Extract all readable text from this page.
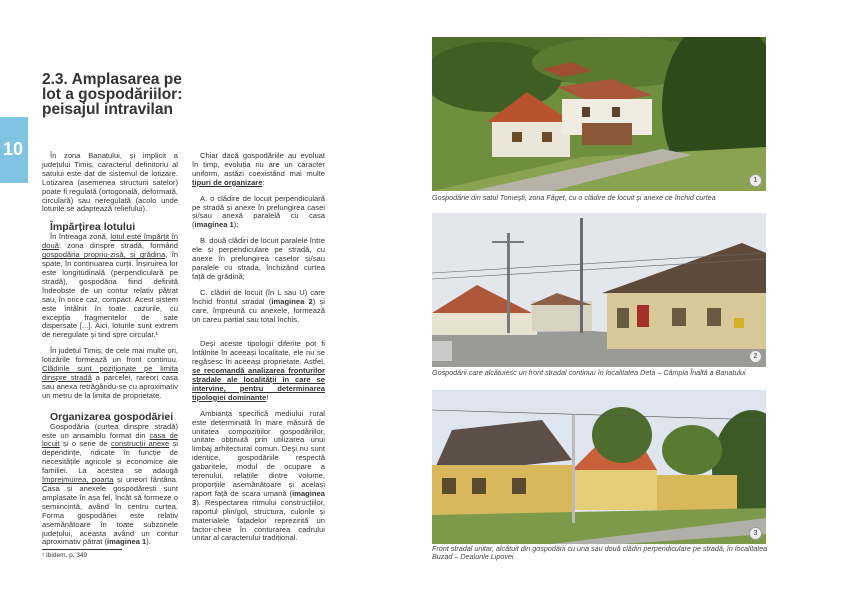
10
2.3. Amplasarea pe lot a gospodăriilor: peisajul intravilan

În zona Banatului, și implicit a județului Timiș, caracterul definitoriu al satului este dat de sistemul de lotizare. Lotizarea (asemenea structurii satelor) poate fi regulată (ortogonală, deformată, circulară) sau neregulată (acolo unde loturile se adaptează reliefului).

Împărțirea lotului

În întreaga zonă, lotul este împărțit în două: zona dinspre stradă, formând gospodăria propriu-zisă, și grădina, în spate, în continuarea curții. Înșiruirea lor este longitudinală (perpendiculară pe stradă), gospodăria fiind definită îndeobște de un contur relativ pătrat sau, în orice caz, compact. Acest sistem este întâlnit în toate cazurile, cu excepția fragmentelor de sate dispersate [...]. Aici, loturile sunt extrem de neregulate și tind spre circular.¹

În județul Timiș, de cele mai multe ori, lotizările formează un front continuu. Clădirile sunt poziționate pe limita dinspre stradă a parcelei, rareori casa sau anexa retrăgându-se cu aproximativ un metru de la limita de proprietate.

Organizarea gospodăriei

Gospodăria (curtea dinspre stradă) este un ansamblu format din casa de locuit și o serie de construcții anexe și dependințe, ridicate în funcție de necesitățile agricole și economice ale familiei. La acestea se adaugă împrejmuirea, poarta și uneori fântâna. Casa și anexele gospodărești sunt amplasate în așa fel, încât să formeze o semiincintă, având în centru curtea. Forma gospodăriei este relativ asemănătoare în toate subzonele județului, aceasta având un contur aproximativ pătrat (imaginea 1).

¹ Ibidem, p. 349

Chiar dacă gospodăriile au evoluat în timp, evoluția nu are un caracter uniform, astăzi coexistând mai multe tipuri de organizare:

A. o clădire de locuit perpendiculară pe stradă și anexe în prelungirea casei și/sau anexă paralelă cu casa (imaginea 1);

B. două clădiri de locuit paralele între ele și perpendiculare pe stradă, cu anexe în prelungirea caselor și/sau paralele cu strada, închizând curtea față de grădină;

C. clădiri de locuit (în L sau U) care închid frontul stradal (imaginea 2) și care, împreună cu anexele, formează un careu parțial sau total închis.

Deși aceste tipologii diferite pot fi întâlnite în aceeași localitate, ele nu se regăsesc în aceeași proprietate. Astfel, se recomandă analizarea fronturilor stradale ale localității în care se intervine, pentru determinarea tipologiei dominante!

Ambianța specifică mediului rural este determinată în mare măsură de unitatea compozițiilor gospodăriilor, unitate obținută prin utilizarea unui limbaj arhitectural comun. Deși nu sunt identice, gospodăriile respectă gabaritele, modul de ocupare a terenului, relațiile dintre volume, proporțiile asemănătoare și același raport față de scara umană (imaginea 3). Respectarea ritmului construcțiilor, raportul plin/gol, structura, culorile și materialele fațadelor reprezintă un factor-cheie în conturarea cadrului unitar al caracterului tradițional.

1
Gospodărie din satul Tomești, zona Făget, cu o clădire de locuit și anexe ce închid curtea
2
Gospodării care alcătuiesc un front stradal continuu în localitatea Deta – Câmpia Înaltă a Banatului
3
Front stradal unitar, alcătuit din gospodării cu una sau două clădiri perpendiculare pe stradă, în localitatea Buzad – Dealurile Lipovei
